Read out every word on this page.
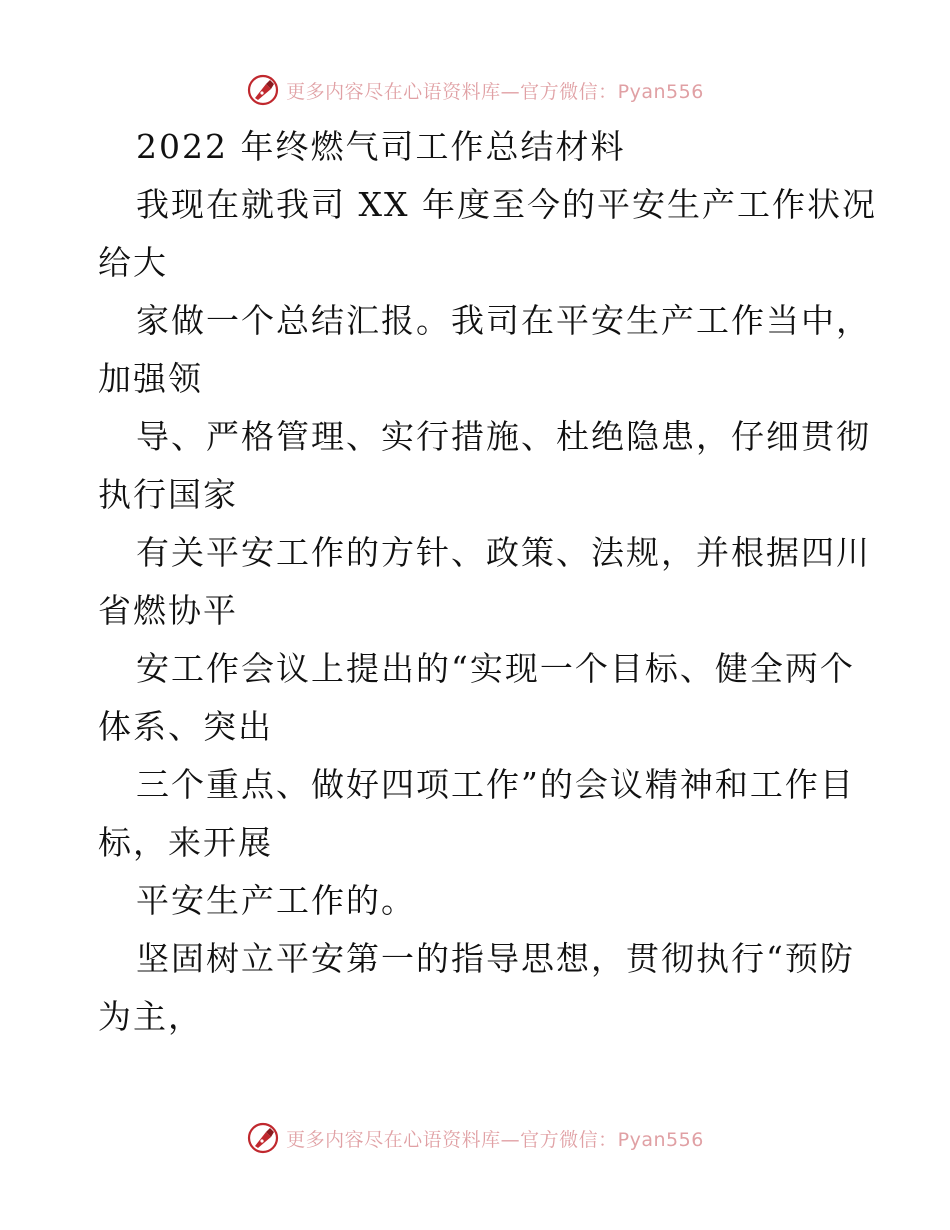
更多内容尽在心语资料库—官方微信：Pyan556
2022 年终燃气司工作总结材料
我现在就我司 XX 年度至今的平安生产工作状况
给大
家做一个总结汇报。我司在平安生产工作当中，
加强领
导、严格管理、实行措施、杜绝隐患，仔细贯彻
执行国家
有关平安工作的方针、政策、法规，并根据四川
省燃协平
安工作会议上提出的“实现一个目标、健全两个
体系、突出
三个重点、做好四项工作”的会议精神和工作目
标，来开展
平安生产工作的。
坚固树立平安第一的指导思想，贯彻执行“预防
为主，
更多内容尽在心语资料库—官方微信：Pyan556
